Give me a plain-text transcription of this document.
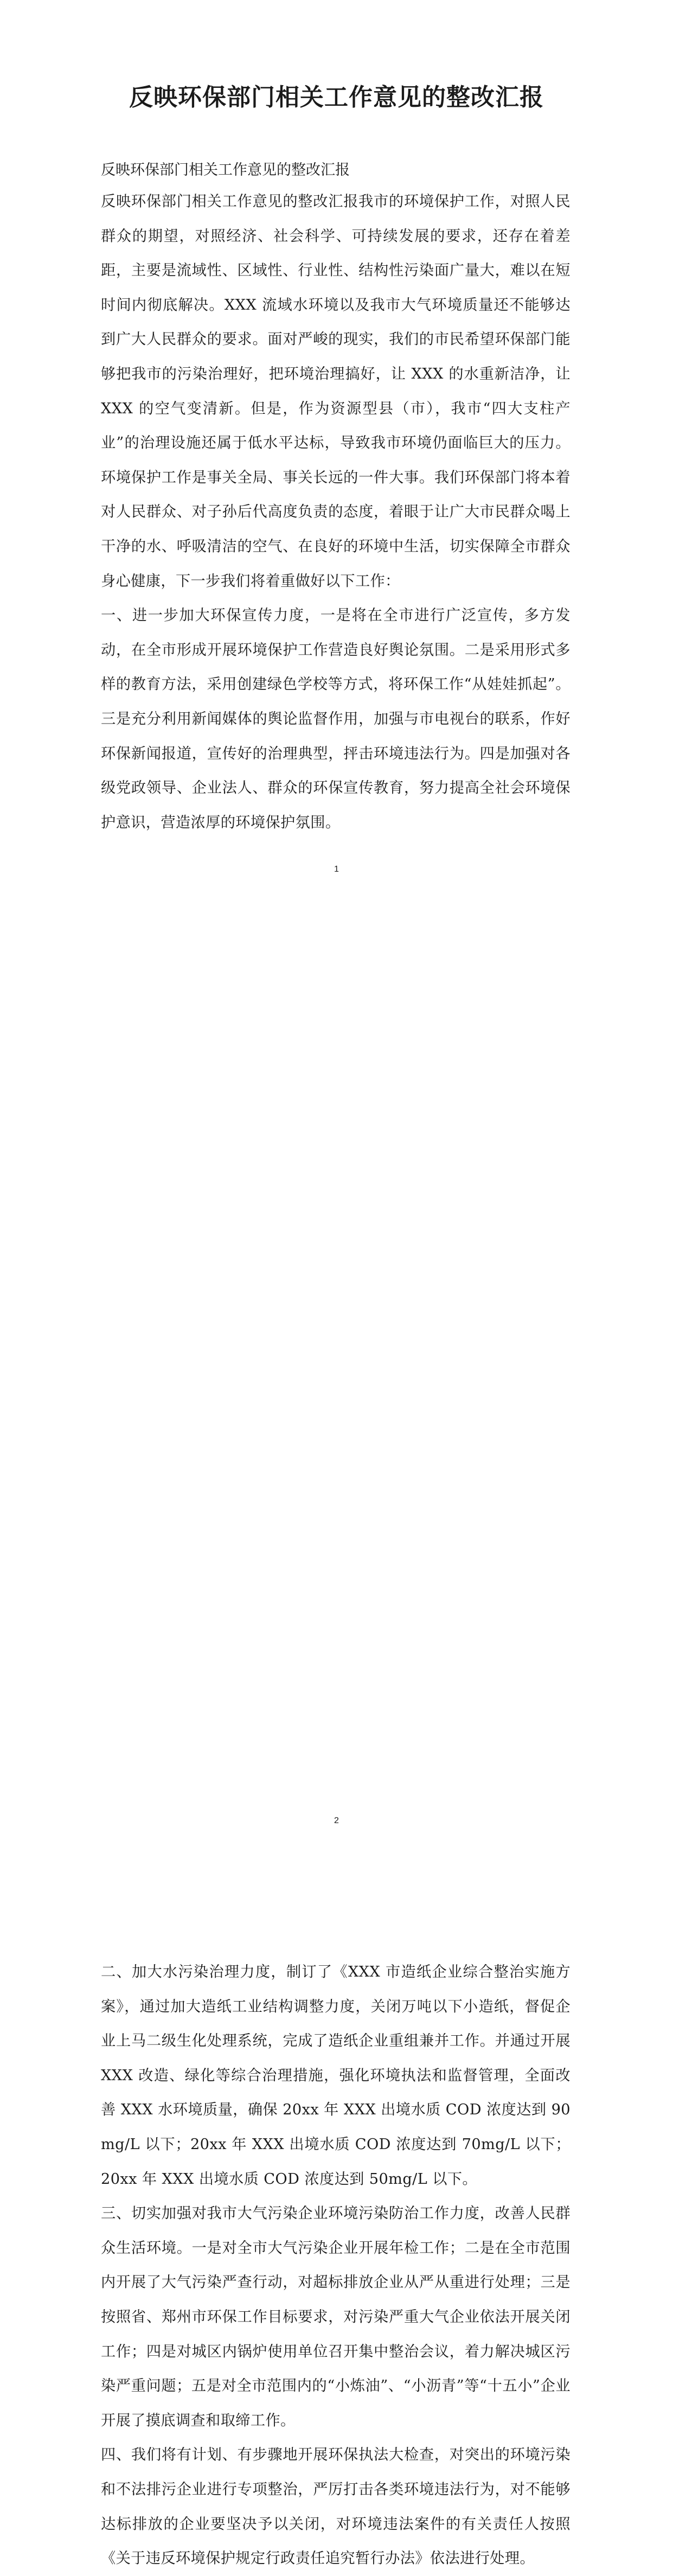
反映环保部门相关工作意见的整改汇报

反映环保部门相关工作意见的整改汇报

反映环保部门相关工作意见的整改汇报我市的环境保护工作，对照人民群众的期望，对照经济、社会科学、可持续发展的要求，还存在着差距，主要是流域性、区域性、行业性、结构性污染面广量大，难以在短时间内彻底解决。XXX 流域水环境以及我市大气环境质量还不能够达到广大人民群众的要求。面对严峻的现实，我们的市民希望环保部门能够把我市的污染治理好，把环境治理搞好，让 XXX 的水重新洁净，让 XXX 的空气变清新。但是，作为资源型县（市），我市“四大支柱产业”的治理设施还属于低水平达标，导致我市环境仍面临巨大的压力。环境保护工作是事关全局、事关长远的一件大事。我们环保部门将本着对人民群众、对子孙后代高度负责的态度，着眼于让广大市民群众喝上干净的水、呼吸清洁的空气、在良好的环境中生活，切实保障全市群众身心健康，下一步我们将着重做好以下工作：

一、进一步加大环保宣传力度，一是将在全市进行广泛宣传，多方发动，在全市形成开展环境保护工作营造良好舆论氛围。二是采用形式多样的教育方法，采用创建绿色学校等方式，将环保工作“从娃娃抓起”。三是充分利用新闻媒体的舆论监督作用，加强与市电视台的联系，作好环保新闻报道，宣传好的治理典型，抨击环境违法行为。四是加强对各级党政领导、企业法人、群众的环保宣传教育，努力提高全社会环境保护意识，营造浓厚的环境保护氛围。

1

二、加大水污染治理力度，制订了《XXX 市造纸企业综合整治实施方案》，通过加大造纸工业结构调整力度，关闭万吨以下小造纸，督促企业上马二级生化处理系统，完成了造纸企业重组兼并工作。并通过开展 XXX 改造、绿化等综合治理措施，强化环境执法和监督管理，全面改善 XXX 水环境质量，确保 20xx 年 XXX 出境水质 COD 浓度达到 90mg/L 以下；20xx 年 XXX 出境水质 COD 浓度达到 70mg/L 以下；20xx 年 XXX 出境水质 COD 浓度达到 50mg/L 以下。

三、切实加强对我市大气污染企业环境污染防治工作力度，改善人民群众生活环境。一是对全市大气污染企业开展年检工作；二是在全市范围内开展了大气污染严查行动，对超标排放企业从严从重进行处理；三是按照省、郑州市环保工作目标要求，对污染严重大气企业依法开展关闭工作；四是对城区内锅炉使用单位召开集中整治会议，着力解决城区污染严重问题；五是对全市范围内的“小炼油”、“小沥青”等“十五小”企业开展了摸底调查和取缔工作。

四、我们将有计划、有步骤地开展环保执法大检查，对突出的环境污染和不法排污企业进行专项整治，严厉打击各类环境违法行为，对不能够达标排放的企业要坚决予以关闭，对环境违法案件的有关责任人按照《关于违反环境保护规定行政责任追究暂行办法》依法进行处理。

2
